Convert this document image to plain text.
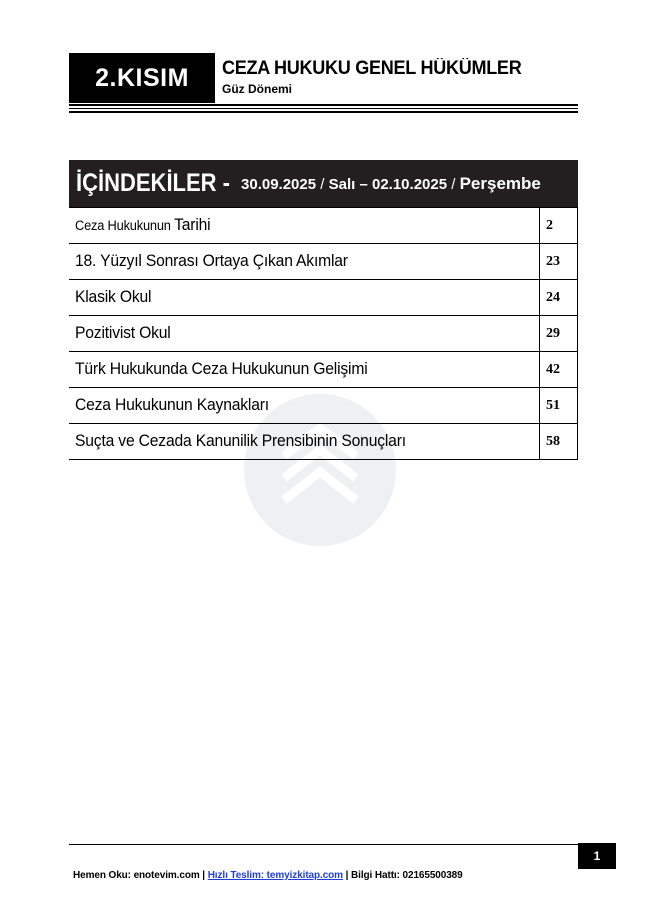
2.KISIM	CEZA HUKUKU GENEL HÜKÜMLER
Güz Dönemi
İÇİNDEKİLER - 30.09.2025 / Salı – 02.10.2025 / Perşembe
Ceza Hukukunun Tarihi	2
18. Yüzyıl Sonrası Ortaya Çıkan Akımlar	23
Klasik Okul	24
Pozitivist Okul	29
Türk Hukukunda Ceza Hukukunun Gelişimi	42
Ceza Hukukunun Kaynakları	51
Suçta ve Cezada Kanunilik Prensibinin Sonuçları	58
1
Hemen Oku: enotevim.com | Hızlı Teslim: temyizkitap.com | Bilgi Hattı: 02165500389
